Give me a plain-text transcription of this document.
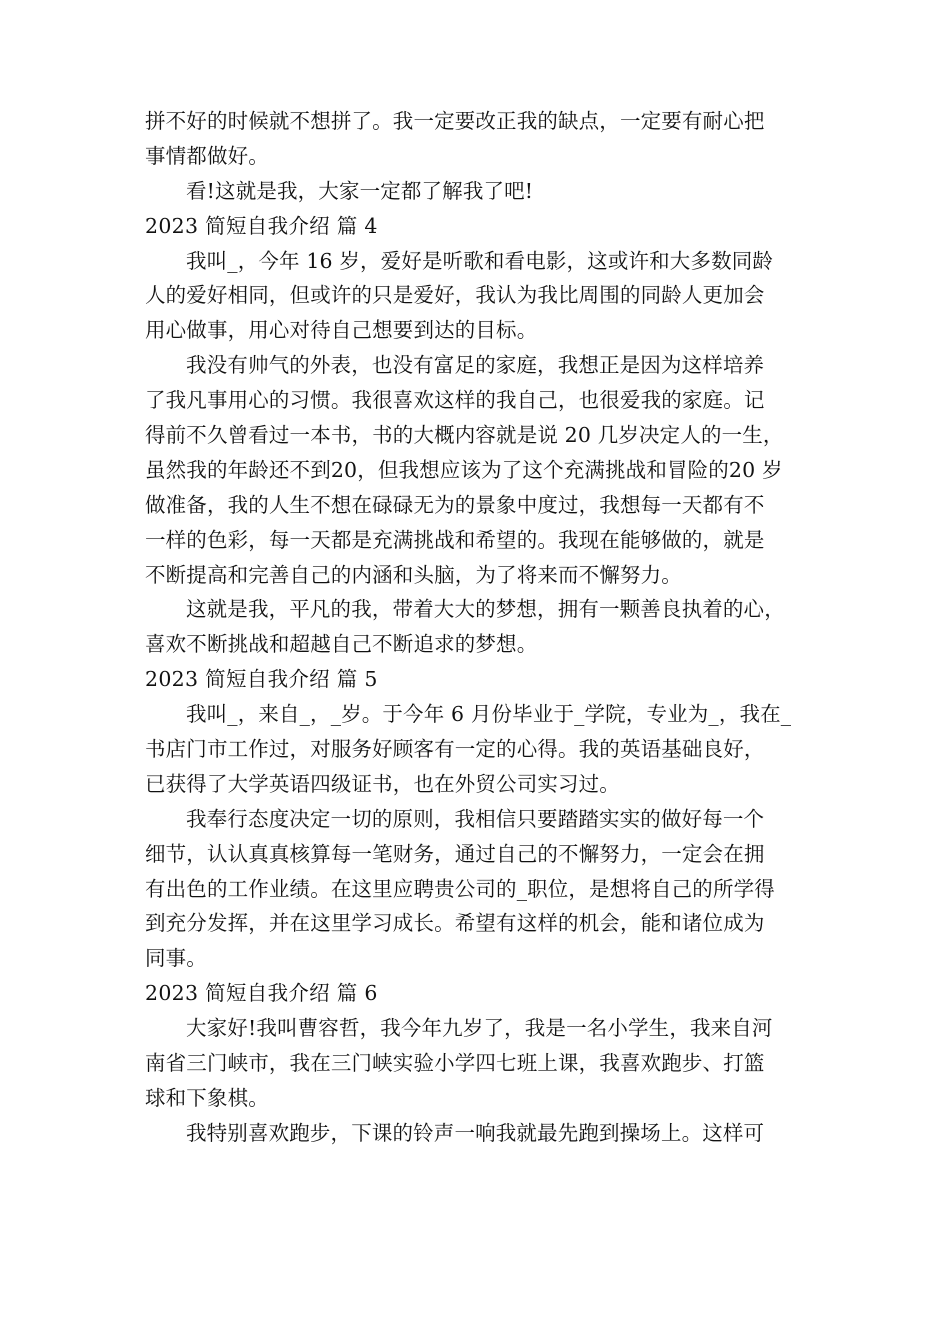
拼不好的时候就不想拼了。我一定要改正我的缺点，一定要有耐心把
事情都做好。
看!这就是我，大家一定都了解我了吧!
2023 简短自我介绍 篇 4
我叫_，今年 16 岁，爱好是听歌和看电影，这或许和大多数同龄
人的爱好相同，但或许的只是爱好，我认为我比周围的同龄人更加会
用心做事，用心对待自己想要到达的目标。
我没有帅气的外表，也没有富足的家庭，我想正是因为这样培养
了我凡事用心的习惯。我很喜欢这样的我自己，也很爱我的家庭。记
得前不久曾看过一本书，书的大概内容就是说 20 几岁决定人的一生，
虽然我的年龄还不到20，但我想应该为了这个充满挑战和冒险的20 岁
做准备，我的人生不想在碌碌无为的景象中度过，我想每一天都有不
一样的色彩，每一天都是充满挑战和希望的。我现在能够做的，就是
不断提高和完善自己的内涵和头脑，为了将来而不懈努力。
这就是我，平凡的我，带着大大的梦想，拥有一颗善良执着的心，
喜欢不断挑战和超越自己不断追求的梦想。
2023 简短自我介绍 篇 5
我叫_，来自_，_岁。于今年 6 月份毕业于_学院，专业为_，我在_
书店门市工作过，对服务好顾客有一定的心得。我的英语基础良好，
已获得了大学英语四级证书，也在外贸公司实习过。
我奉行态度决定一切的原则，我相信只要踏踏实实的做好每一个
细节，认认真真核算每一笔财务，通过自己的不懈努力，一定会在拥
有出色的工作业绩。在这里应聘贵公司的_职位，是想将自己的所学得
到充分发挥，并在这里学习成长。希望有这样的机会，能和诸位成为
同事。
2023 简短自我介绍 篇 6
大家好!我叫曹容哲，我今年九岁了，我是一名小学生，我来自河
南省三门峡市，我在三门峡实验小学四七班上课，我喜欢跑步、打篮
球和下象棋。
我特别喜欢跑步，下课的铃声一响我就最先跑到操场上。这样可
